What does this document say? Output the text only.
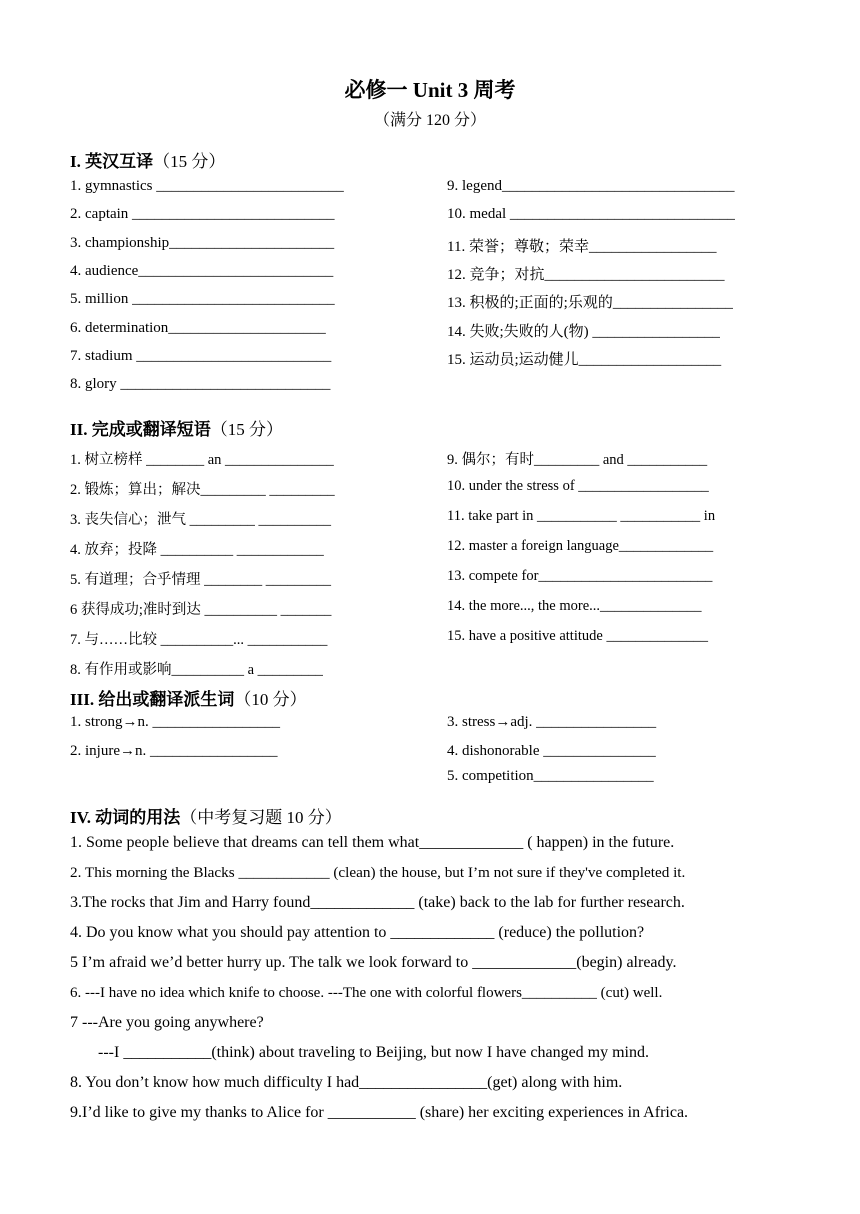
必修一 Unit 3 周考
（满分 120 分）
I. 英汉互译（15 分）
1. gymnastics _________________________
2. captain ___________________________
3. championship______________________
4. audience__________________________
5. million ___________________________
6. determination_____________________
7. stadium __________________________
8. glory ____________________________
9. legend_______________________________
10. medal ______________________________
11. 荣誉；尊敬；荣幸_________________
12. 竞争；对抗________________________
13. 积极的;正面的;乐观的________________
14. 失败;失败的人(物) _________________
15. 运动员;运动健儿___________________
II. 完成或翻译短语（15 分）
1. 树立榜样 ________ an _______________
2. 锻炼；算出；解决_________ _________
3. 丧失信心；泄气 _________ __________
4. 放弃；投降 __________ ____________
5. 有道理；合乎情理 ________ _________
6 获得成功;准时到达 __________ _______
7. 与……比较 __________... ___________
8. 有作用或影响__________ a _________
9. 偶尔；有时_________ and ___________
10. under the stress of __________________
11. take part in ___________ ___________ in
12. master a foreign language_____________
13. compete for________________________
14. the more..., the more...______________
15. have a positive attitude ______________
III. 给出或翻译派生词（10 分）
1. strong→n. _________________
2. injure→n. _________________
3. stress→adj. ________________
4. dishonorable _______________
5. competition________________
IV. 动词的用法（中考复习题 10 分）
1. Some people believe that dreams can tell them what_____________ ( happen) in the future.
2. This morning the Blacks ____________ (clean) the house, but I’m not sure if they've completed it.
3.The rocks that Jim and Harry found_____________ (take) back to the lab for further research.
4. Do you know what you should pay attention to _____________ (reduce) the pollution?
5 I’m afraid we’d better hurry up. The talk we look forward to _____________(begin) already.
6. ---I have no idea which knife to choose. ---The one with colorful flowers__________ (cut) well.
7 ---Are you going anywhere?
---I ___________(think) about traveling to Beijing, but now I have changed my mind.
8. You don’t know how much difficulty I had________________(get) along with him.
9.I’d like to give my thanks to Alice for ___________ (share) her exciting experiences in Africa.
